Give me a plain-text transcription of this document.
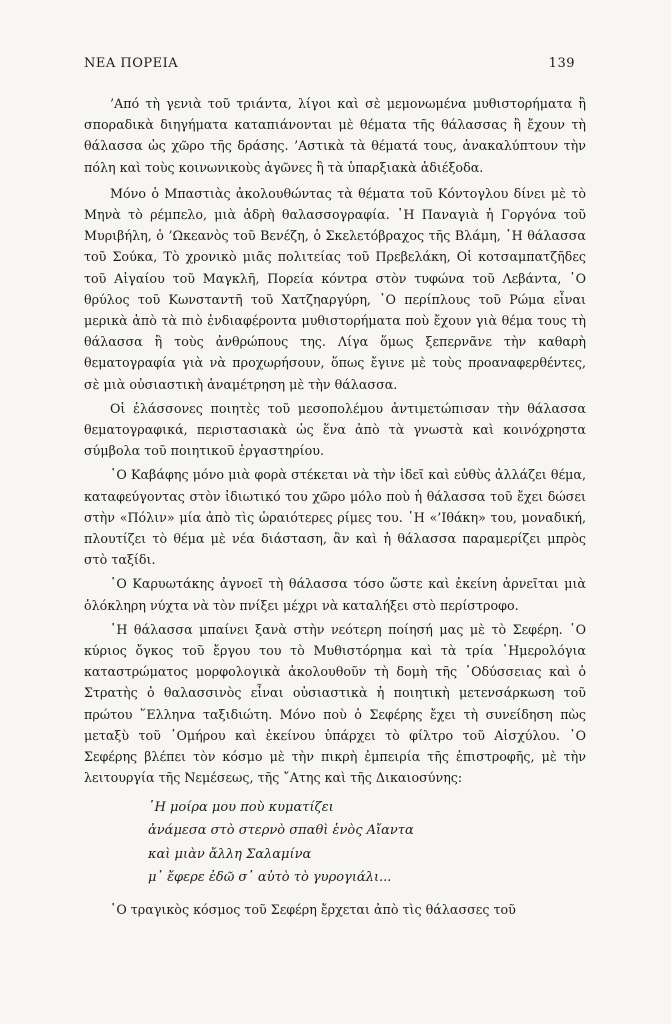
ΝΕΑ ΠΟΡΕΙΑ	139

’Από τὴ γενιὰ τοῦ τριάντα, λίγοι καὶ σὲ μεμονωμένα μυθιστορήματα ἢ σποραδικὰ διηγήματα καταπιάνονται μὲ θέματα τῆς θάλασσας ἢ ἔχουν τὴ θάλασσα ὡς χῶρο τῆς δράσης. ’Αστικὰ τὰ θέματά τους, ἀνακαλύπτουν τὴν πόλη καὶ τοὺς κοινωνικοὺς ἀγῶνες ἢ τὰ ὑπαρξιακὰ ἀδιέξοδα.

Μόνο ὁ Μπαστιὰς ἀκολουθώντας τὰ θέματα τοῦ Κόντογλου δίνει μὲ τὸ Μηνὰ τὸ ρέμπελο, μιὰ ἁδρὴ θαλασσογραφία. ῾Η Παναγιὰ ἡ Γοργόνα τοῦ Μυριβήλη, ὁ ’Ωκεανὸς τοῦ Βενέζη, ὁ Σκελετόβραχος τῆς Βλάμη, ῾Η θάλασσα τοῦ Σούκα, Τὸ χρονικὸ μιᾶς πολιτείας τοῦ Πρεβελάκη, Οἱ κοτσαμπατζῆδες τοῦ Αἰγαίου τοῦ Μαγκλῆ, Πορεία κόντρα στὸν τυφώνα τοῦ Λεβάντα, ῾Ο θρύλος τοῦ Κωνσταντῆ τοῦ Χατζηαργύρη, ῾Ο περίπλους τοῦ Ρώμα εἶναι μερικὰ ἀπὸ τὰ πιὸ ἐνδιαφέροντα μυθιστορήματα ποὺ ἔχουν γιὰ θέμα τους τὴ θάλασσα ἢ τοὺς ἀνθρώπους της. Λίγα ὅμως ξεπερνᾶνε τὴν καθαρὴ θεματογραφία γιὰ νὰ προχωρήσουν, ὅπως ἔγινε μὲ τοὺς προαναφερθέντες, σὲ μιὰ οὐσιαστικὴ ἀναμέτρηση μὲ τὴν θάλασσα.

Οἱ ἐλάσσονες ποιητὲς τοῦ μεσοπολέμου ἀντιμετώπισαν τὴν θάλασσα θεματογραφικά, περιστασιακὰ ὡς ἕνα ἀπὸ τὰ γνωστὰ καὶ κοινόχρηστα σύμβολα τοῦ ποιητικοῦ ἐργαστηρίου.

῾Ο Καβάφης μόνο μιὰ φορὰ στέκεται νὰ τὴν ἰδεῖ καὶ εὐθὺς ἀλλάζει θέμα, καταφεύγοντας στὸν ἰδιωτικό του χῶρο μόλο ποὺ ἡ θάλασσα τοῦ ἔχει δώσει στὴν «Πόλιν» μία ἀπὸ τὶς ὡραιότερες ρίμες του. ῾Η «’Ιθάκη» του, μοναδική, πλουτίζει τὸ θέμα μὲ νέα διάσταση, ἂν καὶ ἡ θάλασσα παραμερίζει μπρὸς στὸ ταξίδι.

῾Ο Καρυωτάκης ἀγνοεῖ τὴ θάλασσα τόσο ὥστε καὶ ἐκείνη ἀρνεῖται μιὰ ὁλόκληρη νύχτα νὰ τὸν πνίξει μέχρι νὰ καταλήξει στὸ περίστροφο.

῾Η θάλασσα μπαίνει ξανὰ στὴν νεότερη ποίησή μας μὲ τὸ Σεφέρη. ῾Ο κύριος ὄγκος τοῦ ἔργου του τὸ Μυθιστόρημα καὶ τὰ τρία ῾Ημερολόγια καταστρώματος μορφολογικὰ ἀκολουθοῦν τὴ δομὴ τῆς ᾿Οδύσσειας καὶ ὁ Στρατὴς ὁ θαλασσινὸς εἶναι οὐσιαστικὰ ἡ ποιητικὴ μετενσάρκωση τοῦ πρώτου ῞Ελληνα ταξιδιώτη. Μόνο ποὺ ὁ Σεφέρης ἔχει τὴ συνείδηση πὼς μεταξὺ τοῦ ῾Ομήρου καὶ ἐκείνου ὑπάρχει τὸ φίλτρο τοῦ Αἰσχύλου. ῾Ο Σεφέρης βλέπει τὸν κόσμο μὲ τὴν πικρὴ ἐμπειρία τῆς ἐπιστροφῆς, μὲ τὴν λειτουργία τῆς Νεμέσεως, τῆς ῎Ατης καὶ τῆς Δικαιοσύνης:

῾Η μοίρα μου ποὺ κυματίζει
ἀνάμεσα στὸ στερνὸ σπαθὶ ἑνὸς Αἴαντα
καὶ μιὰν ἄλλη Σαλαμίνα
μ᾿ ἔφερε ἐδῶ σ᾿ αὐτὸ τὸ γυρογιάλι...

῾Ο τραγικὸς κόσμος τοῦ Σεφέρη ἔρχεται ἀπὸ τὶς θάλασσες τοῦ
